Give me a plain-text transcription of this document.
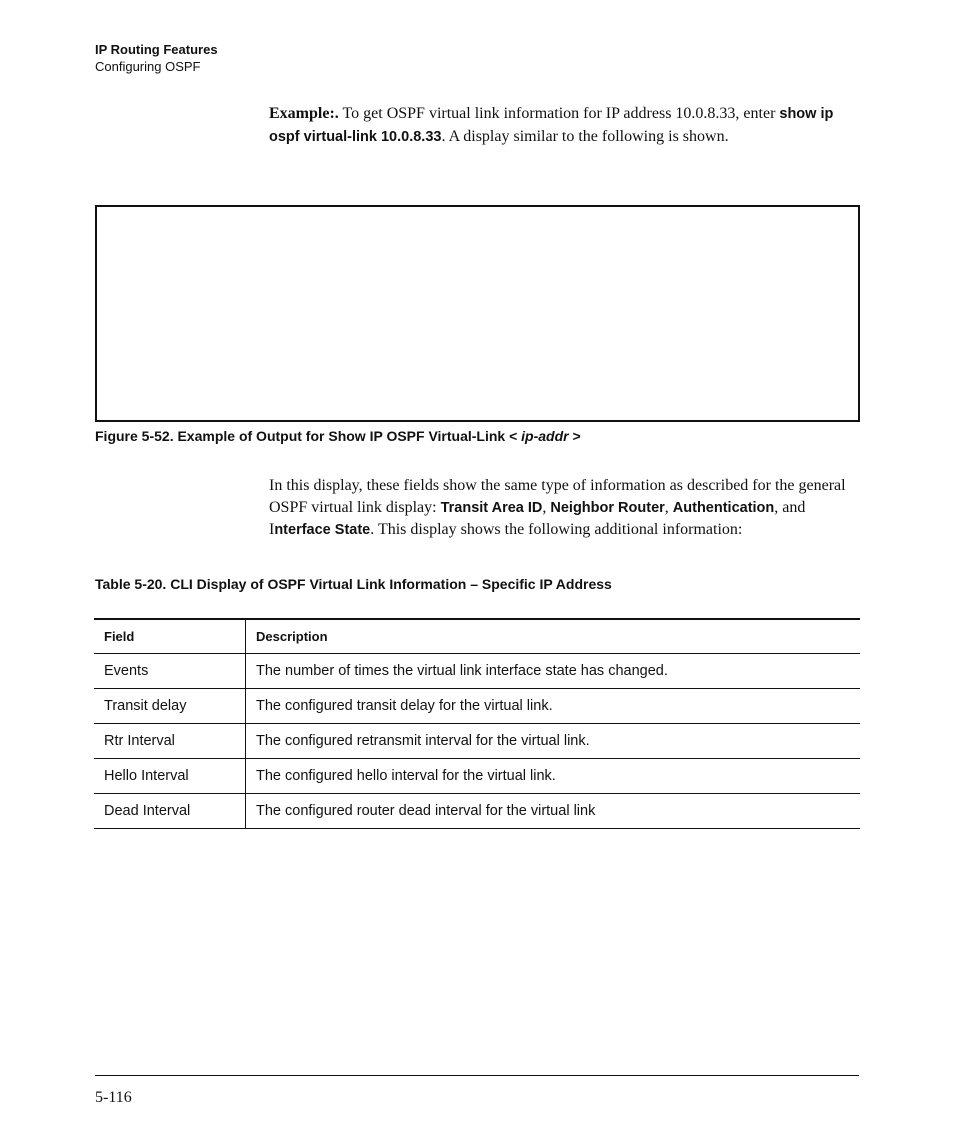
IP Routing Features
Configuring OSPF
Example:. To get OSPF virtual link information for IP address 10.0.8.33, enter show ip ospf virtual-link 10.0.8.33. A display similar to the following is shown.
Figure 5-52. Example of Output for Show IP OSPF Virtual-Link < ip-addr >
In this display, these fields show the same type of information as described for the general OSPF virtual link display: Transit Area ID, Neighbor Router, Authentication, and Interface State. This display shows the following additional information:
Table 5-20. CLI Display of OSPF Virtual Link Information – Specific IP Address
Field	Description
Events	The number of times the virtual link interface state has changed.
Transit delay	The configured transit delay for the virtual link.
Rtr Interval	The configured retransmit interval for the virtual link.
Hello Interval	The configured hello interval for the virtual link.
Dead Interval	The configured router dead interval for the virtual link
5-116
